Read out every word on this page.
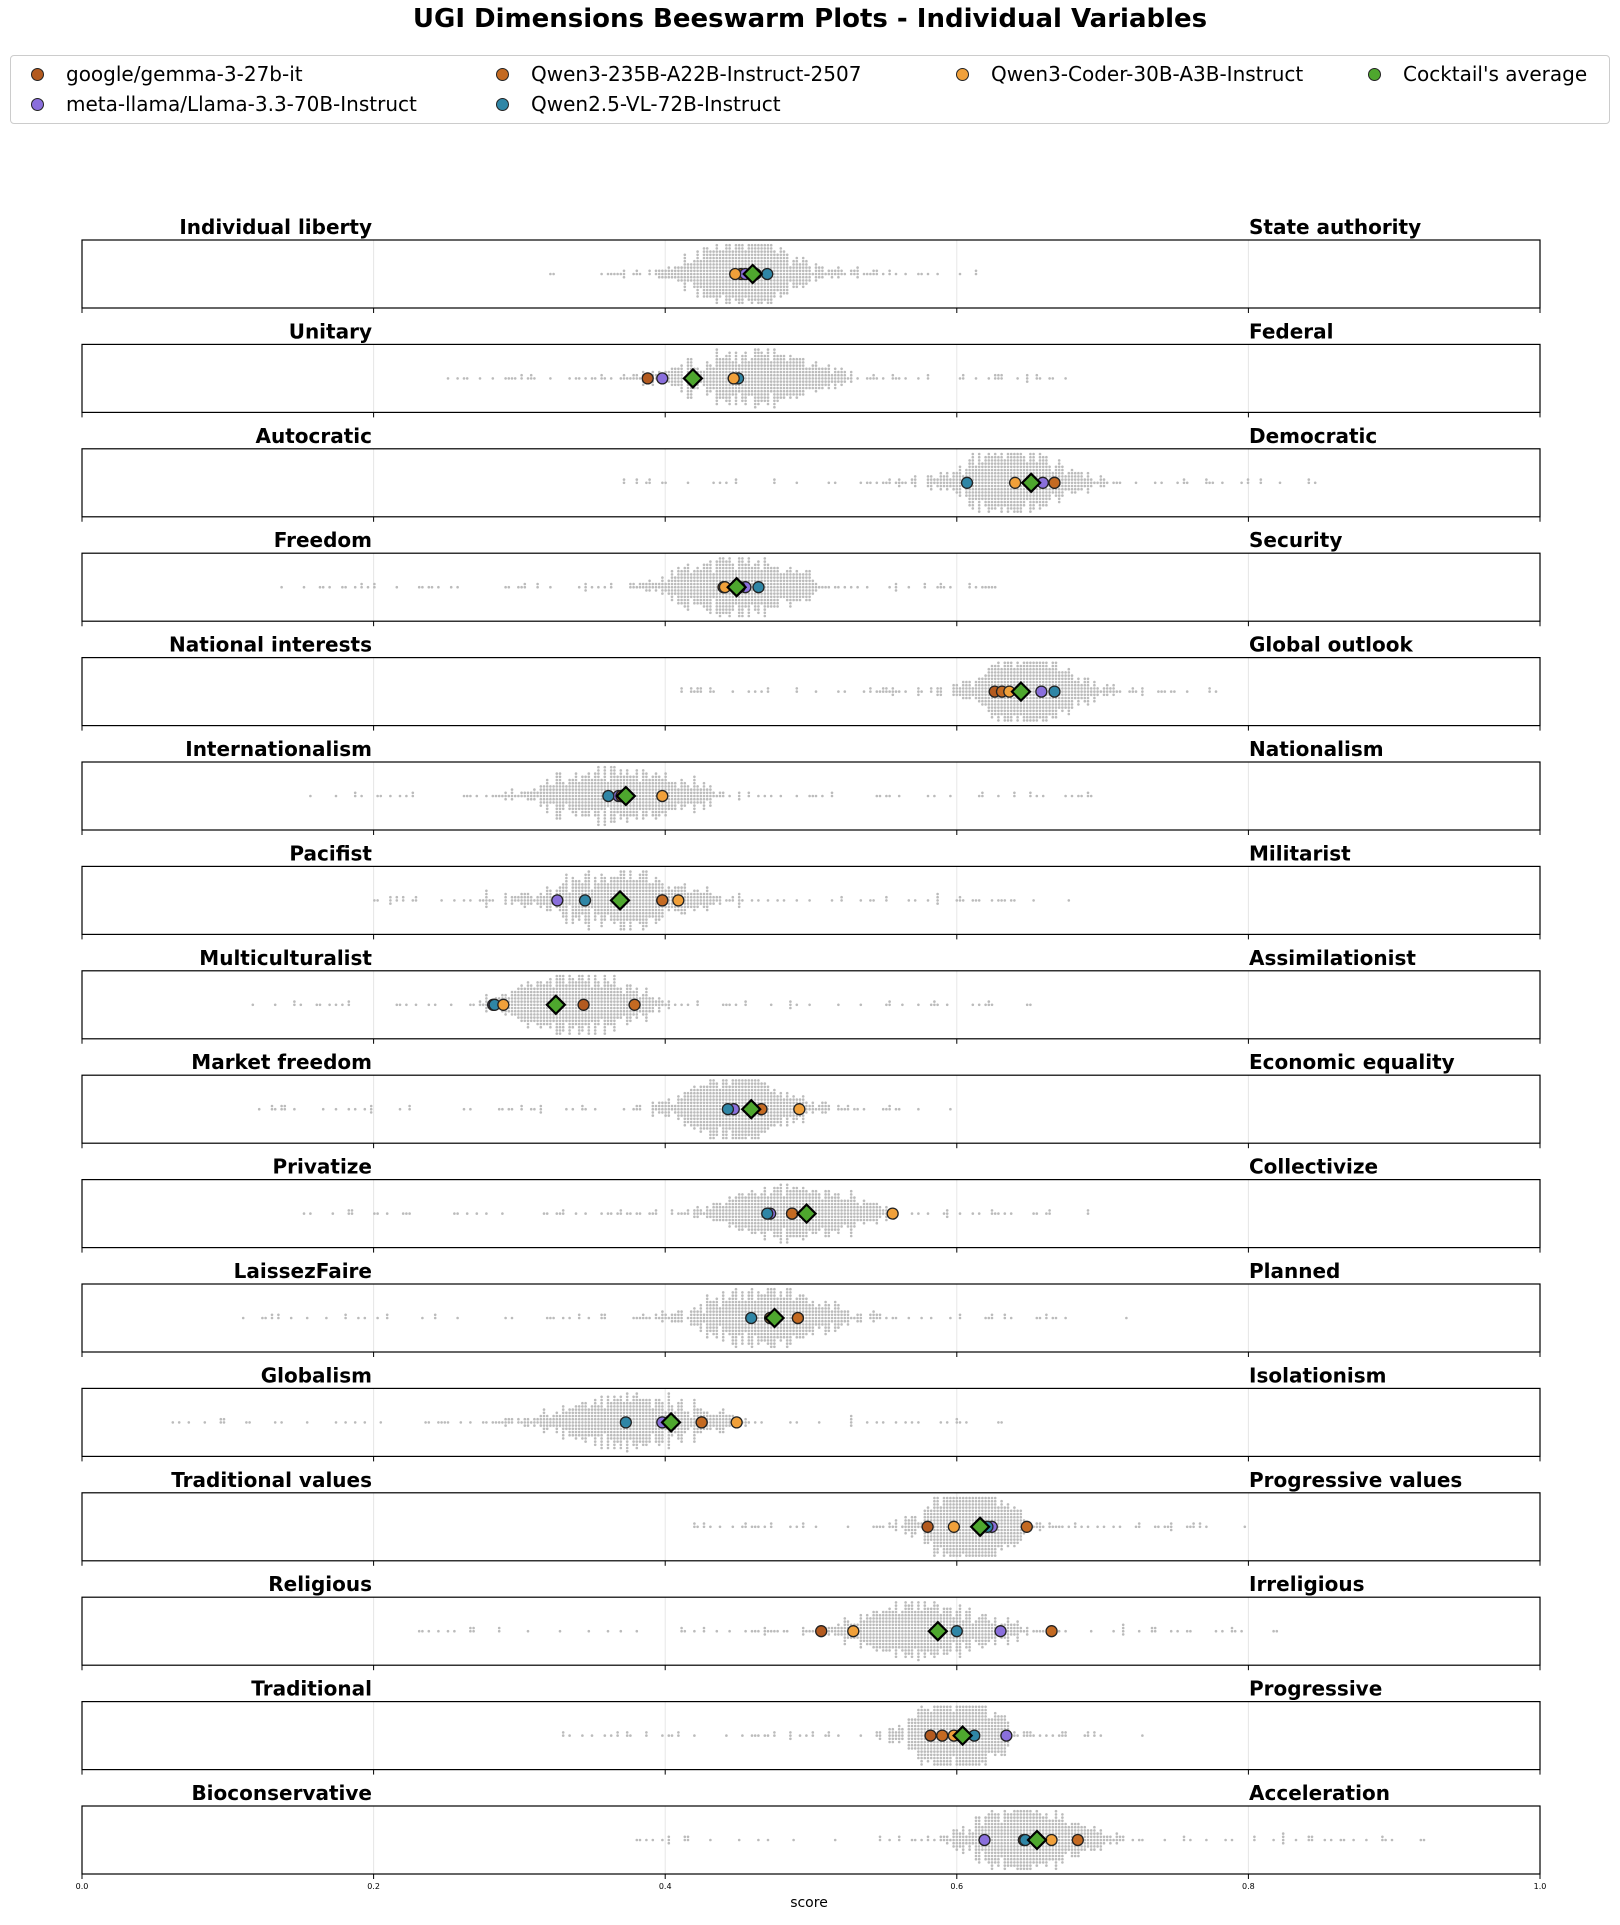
UGI Dimensions Beeswarm Plots - Individual Variables
google/gemma-3-27b-it
meta-llama/Llama-3.3-70B-Instruct
Qwen3-235B-A22B-Instruct-2507
Qwen2.5-VL-72B-Instruct
Qwen3-Coder-30B-A3B-Instruct	Cocktail's average
Individual liberty	State authority
Unitary	Federal
Autocratic	Democratic
Freedom	Security
National interests	Global outlook
Internationalism	Nationalism
Pacifist	Militarist
Multiculturalist	Assimilationist
Market freedom	Economic equality
Privatize	Collectivize
LaissezFaire	Planned
Globalism	Isolationism
Traditional values	Progressive values
Religious	Irreligious
Traditional	Progressive
Bioconservative	Acceleration
0.0	0.2	0.4	0.6	0.8	1.0
score
